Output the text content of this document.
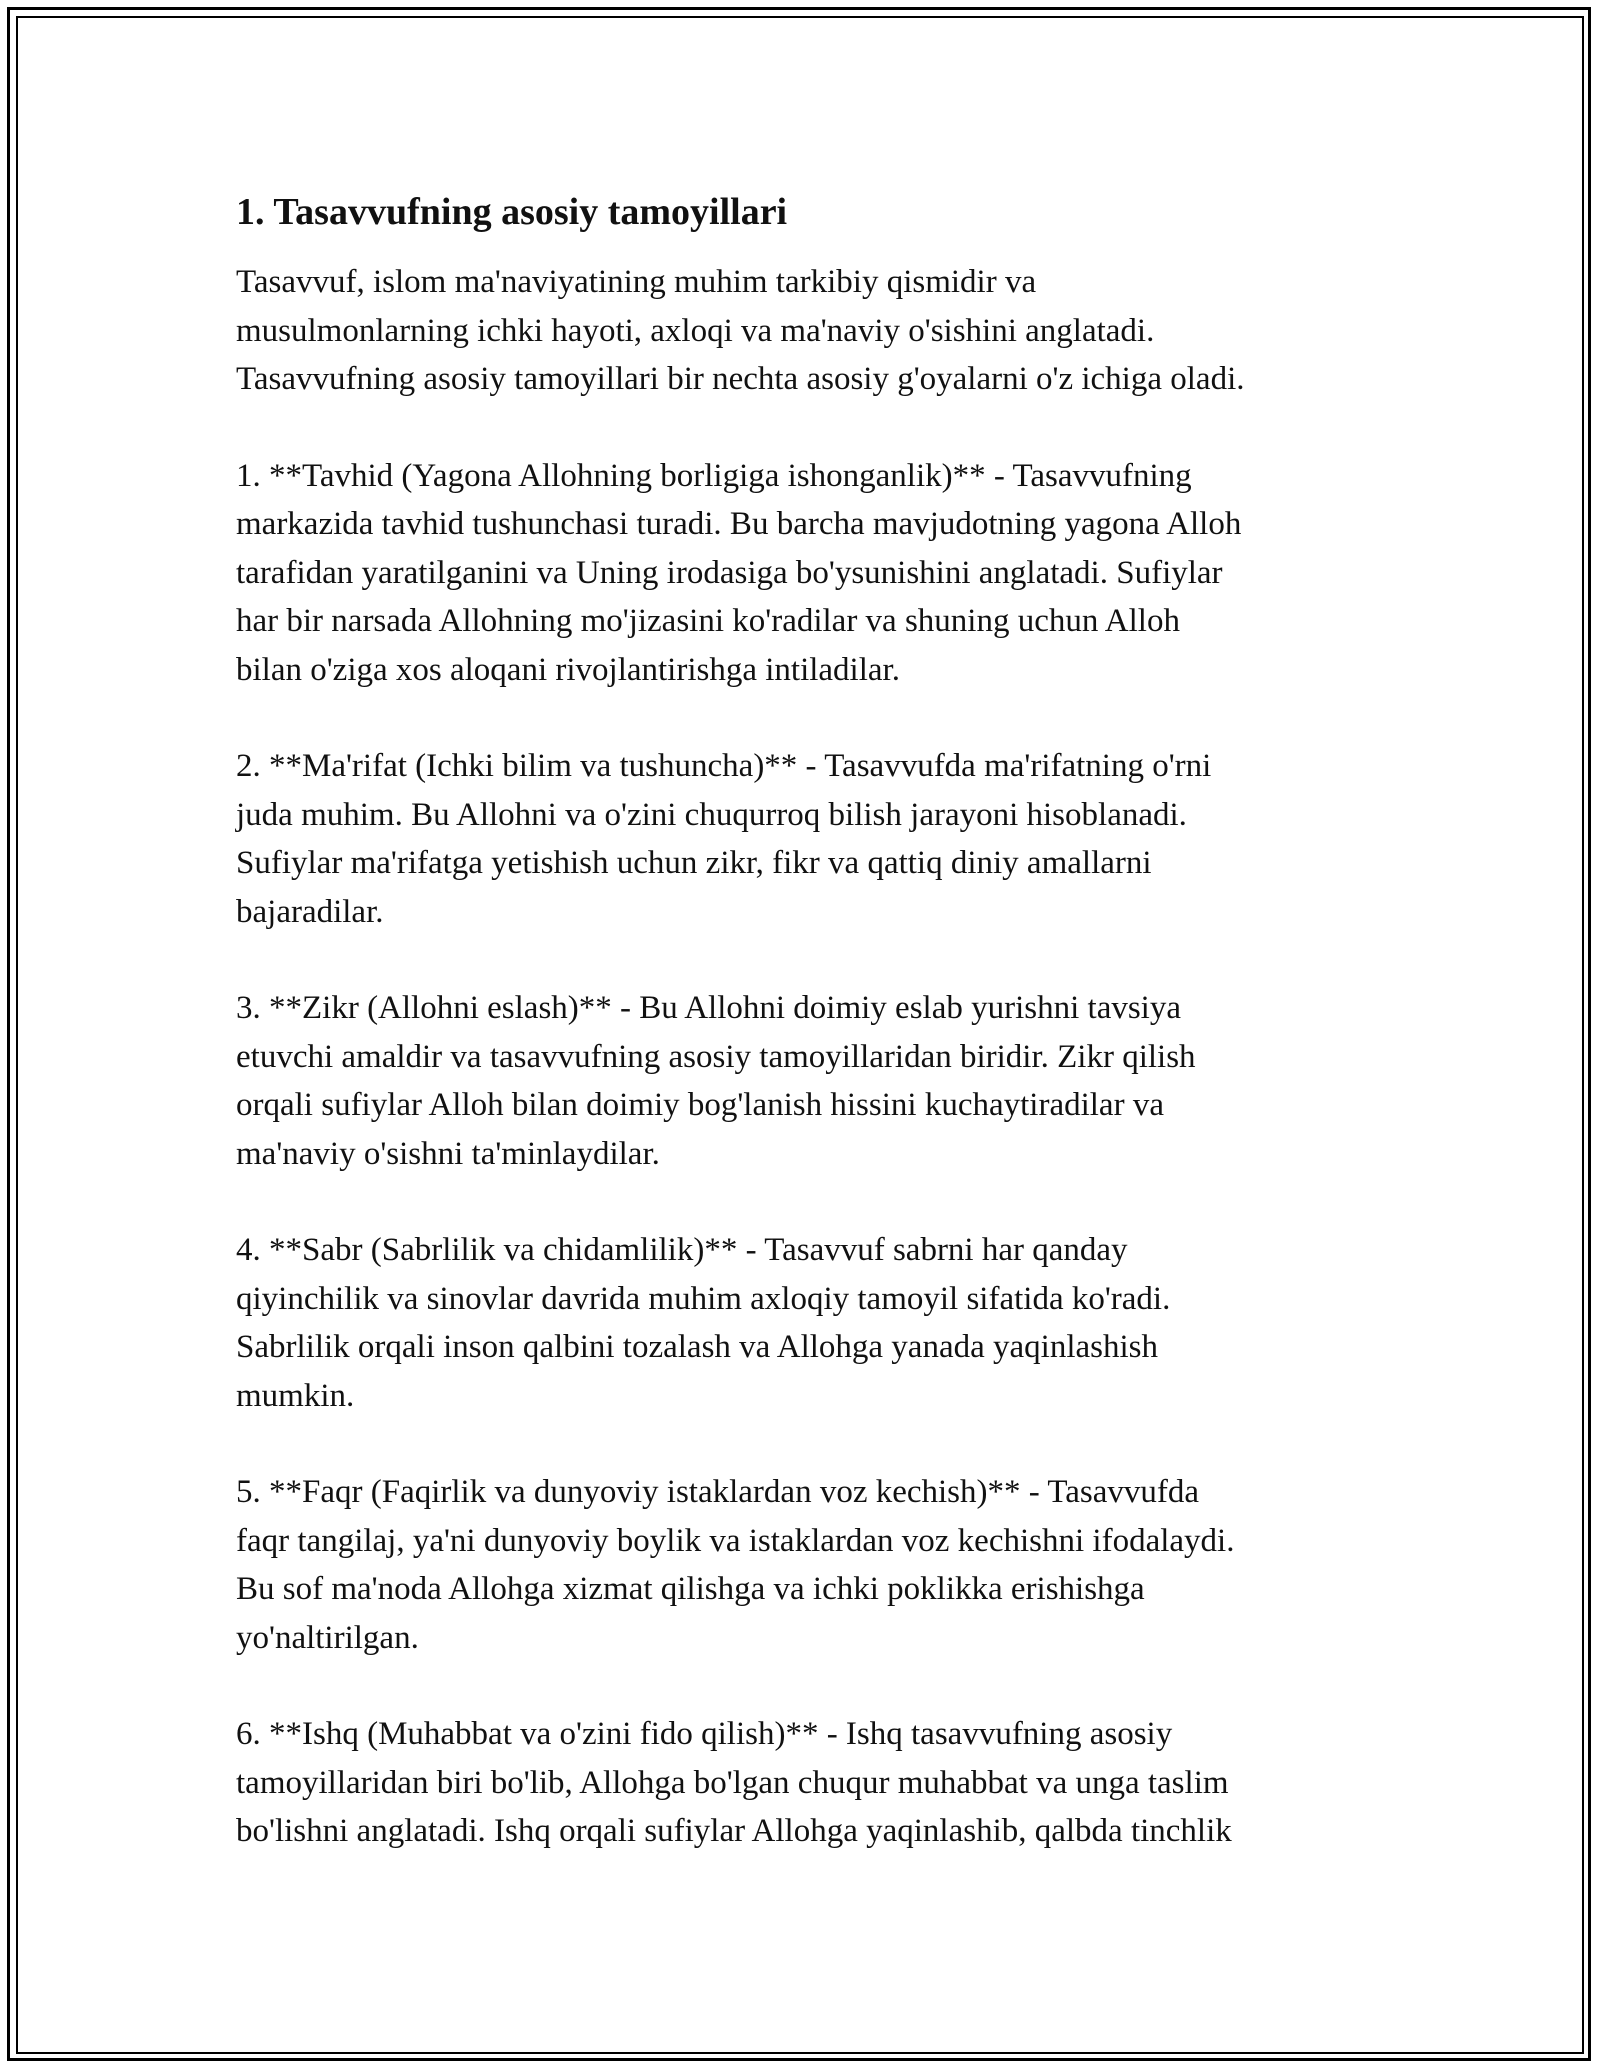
1. Tasavvufning asosiy tamoyillari
Tasavvuf, islom ma'naviyatining muhim tarkibiy qismidir va
musulmonlarning ichki hayoti, axloqi va ma'naviy o'sishini anglatadi.
Tasavvufning asosiy tamoyillari bir nechta asosiy g'oyalarni o'z ichiga oladi.
1. **Tavhid (Yagona Allohning borligiga ishonganlik)** - Tasavvufning
markazida tavhid tushunchasi turadi. Bu barcha mavjudotning yagona Alloh
tarafidan yaratilganini va Uning irodasiga bo'ysunishini anglatadi. Sufiylar
har bir narsada Allohning mo'jizasini ko'radilar va shuning uchun Alloh
bilan o'ziga xos aloqani rivojlantirishga intiladilar.
2. **Ma'rifat (Ichki bilim va tushuncha)** - Tasavvufda ma'rifatning o'rni
juda muhim. Bu Allohni va o'zini chuqurroq bilish jarayoni hisoblanadi.
Sufiylar ma'rifatga yetishish uchun zikr, fikr va qattiq diniy amallarni
bajaradilar.
3. **Zikr (Allohni eslash)** - Bu Allohni doimiy eslab yurishni tavsiya
etuvchi amaldir va tasavvufning asosiy tamoyillaridan biridir. Zikr qilish
orqali sufiylar Alloh bilan doimiy bog'lanish hissini kuchaytiradilar va
ma'naviy o'sishni ta'minlaydilar.
4. **Sabr (Sabrlilik va chidamlilik)** - Tasavvuf sabrni har qanday
qiyinchilik va sinovlar davrida muhim axloqiy tamoyil sifatida ko'radi.
Sabrlilik orqali inson qalbini tozalash va Allohga yanada yaqinlashish
mumkin.
5. **Faqr (Faqirlik va dunyoviy istaklardan voz kechish)** - Tasavvufda
faqr tangilaj, ya'ni dunyoviy boylik va istaklardan voz kechishni ifodalaydi.
Bu sof ma'noda Allohga xizmat qilishga va ichki poklikka erishishga
yo'naltirilgan.
6. **Ishq (Muhabbat va o'zini fido qilish)** - Ishq tasavvufning asosiy
tamoyillaridan biri bo'lib, Allohga bo'lgan chuqur muhabbat va unga taslim
bo'lishni anglatadi. Ishq orqali sufiylar Allohga yaqinlashib, qalbda tinchlik
